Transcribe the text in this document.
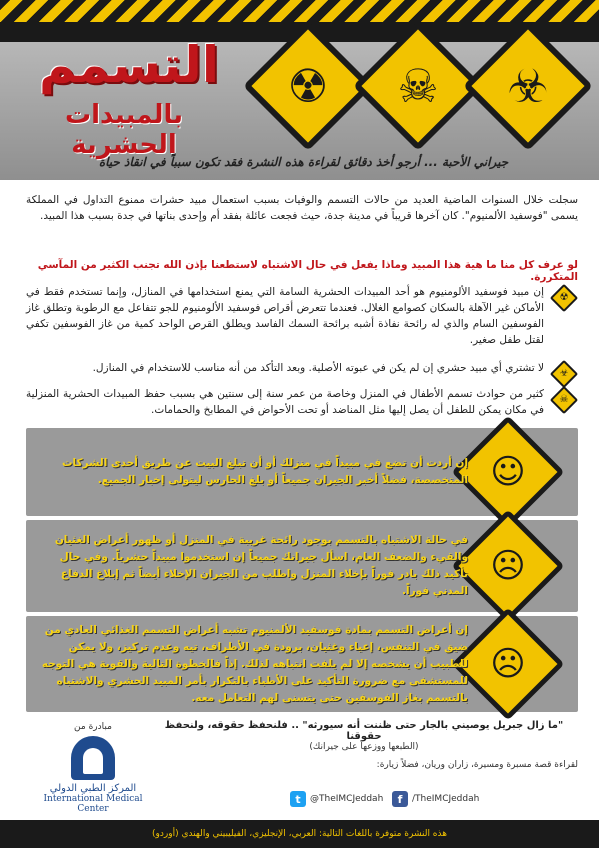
☢	☠	☣
التسمم
بالمبيدات الحشرية
جيراني الأحبة ... أرجو أخذ دقائق لقراءة هذه النشرة فقد تكون سبباً في انقاذ حياة
سجلت خلال السنوات الماضية العديد من حالات التسمم والوفيات بسبب استعمال مبيد حشرات ممنوع التداول في المملكة يسمى "فوسفيد الألمنيوم". كان آخرها قريباً في مدينة جدة، حيث فجعت عائلة بفقد أم وإحدى بناتها في جدة بسبب هذا المبيد.
لو عرف كل منا ما هية هذا المبيد وماذا يفعل في حال الاشتباه لاستطعنا بإذن الله تجنب الكثير من المآسي المتكررة.
☢
إن مبيد فوسفيد الألومنيوم هو أحد المبيدات الحشرية السامة التي يمنع استخدامها في المنازل، وإنما تستخدم فقط في الأماكن غير الآهلة بالسكان كصوامع الغلال. فعندما تتعرض أقراص فوسفيد الألومنيوم للجو تتفاعل مع الرطوبة وتطلق غاز الفوسفين السام والذي له رائحة نفاذة أشبه برائحة السمك الفاسد ويطلق القرص الواحد كمية من غاز الفوسفين تكفي لقتل طفل صغير.
☣
لا تشتري أي مبيد حشري إن لم يكن في عبوته الأصلية. وبعد التأكد من أنه مناسب للاستخدام في المنازل.
☠
كثير من حوادث تسمم الأطفال في المنزل وخاصة من عمر سنة إلى سنتين هي بسبب حفظ المبيدات الحشرية المنزلية في مكان يمكن للطفل أن يصل إليها مثل المناضد أو تحت الأحواض في المطابخ والحمامات.
☺
إن أردت أن تضع في مبيداً في منزلك أو أن تبلغ البيت عن طريق أحدى الشركات المتخصصة، فضلاً أخبر الجيران جميعاً أو بلغ الحارس ليتولى إخبار الجميع.
☹
في حالة الاشتباه بالتسمم بوجود رائحة غريبة في المنزل أو ظهور أعراض الغثيان والقيء والضعف العام، اسأل جيرانك جميعاً إن استخدموا مبيداً حشرياً. وفي حال تأكيد ذلك بادر فوراً بإخلاء المنزل واطلب من الجيران الإخلاء أيضاً ثم إبلاغ الدفاع المدني فوراً.
☹
إن أعراض التسمم بمادة فوسفيد الألمنيوم تشبه أعراض التسمم الغذائي العادي من ضيق في التنفس، إعياء وغثيان، برودة في الأطراف، تيه وعدم تركيز، ولا يمكن للطبيب أن يشخصه إلا لم يلفت انتباهه لذلك. إذاً فالخطوة التالية والقوية هي التوجه للمستشفى مع ضرورة التأكيد على الأطباء بالتكرار بأمر المبيد الحشري والاشتباه بالتسمم بغاز الفوسفين حتى يتسنى لهم التعامل معه.
"ما زال جبريل يوصيني بالجار حتى ظننت أنه سيورثه" .. فلنحفظ حقوقه، ولنحفظ حقوقنا
(الطبعها ووزعها على جيرانك)
لقراءة قصة مسبرة ومسيرة، زاران وريان، فضلاً زيارة:
t	@TheIMCJeddah	f	/TheIMCJeddah
مبادرة من
المركز الطبي الدولي
International Medical Center
هذه النشرة متوفرة باللغات التالية: العربي، الإنجليزي، الفيليبيني والهندي (أوردو)
